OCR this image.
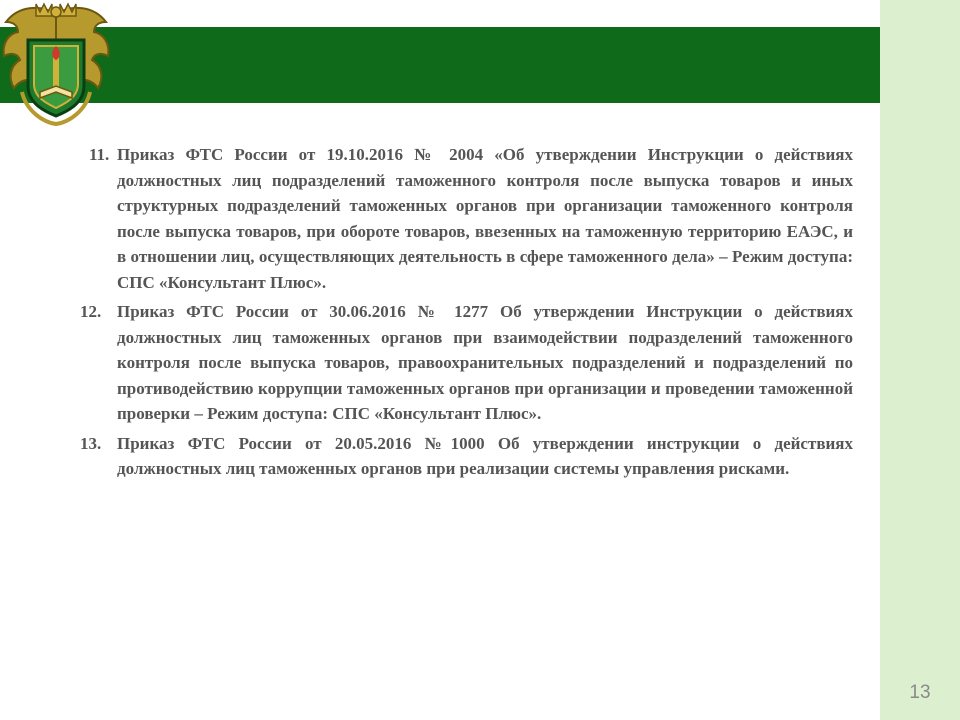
11. Приказ ФТС России от 19.10.2016 № 2004 «Об утверждении Инструкции о действиях должностных лиц подразделений таможенного контроля после выпуска товаров и иных структурных подразделений таможенных органов при организации таможенного контроля после выпуска товаров, при обороте товаров, ввезенных на таможенную территорию ЕАЭС, и в отношении лиц, осуществляющих деятельность в сфере таможенного дела» – Режим доступа: СПС «Консультант Плюс».
12. Приказ ФТС России от 30.06.2016 № 1277 Об утверждении Инструкции о действиях должностных лиц таможенных органов при взаимодействии подразделений таможенного контроля после выпуска товаров, правоохранительных подразделений и подразделений по противодействию коррупции таможенных органов при организации и проведении таможенной проверки – Режим доступа: СПС «Консультант Плюс».
13. Приказ ФТС России от 20.05.2016 №1000 Об утверждении инструкции о действиях должностных лиц таможенных органов при реализации системы управления рисками.
13
